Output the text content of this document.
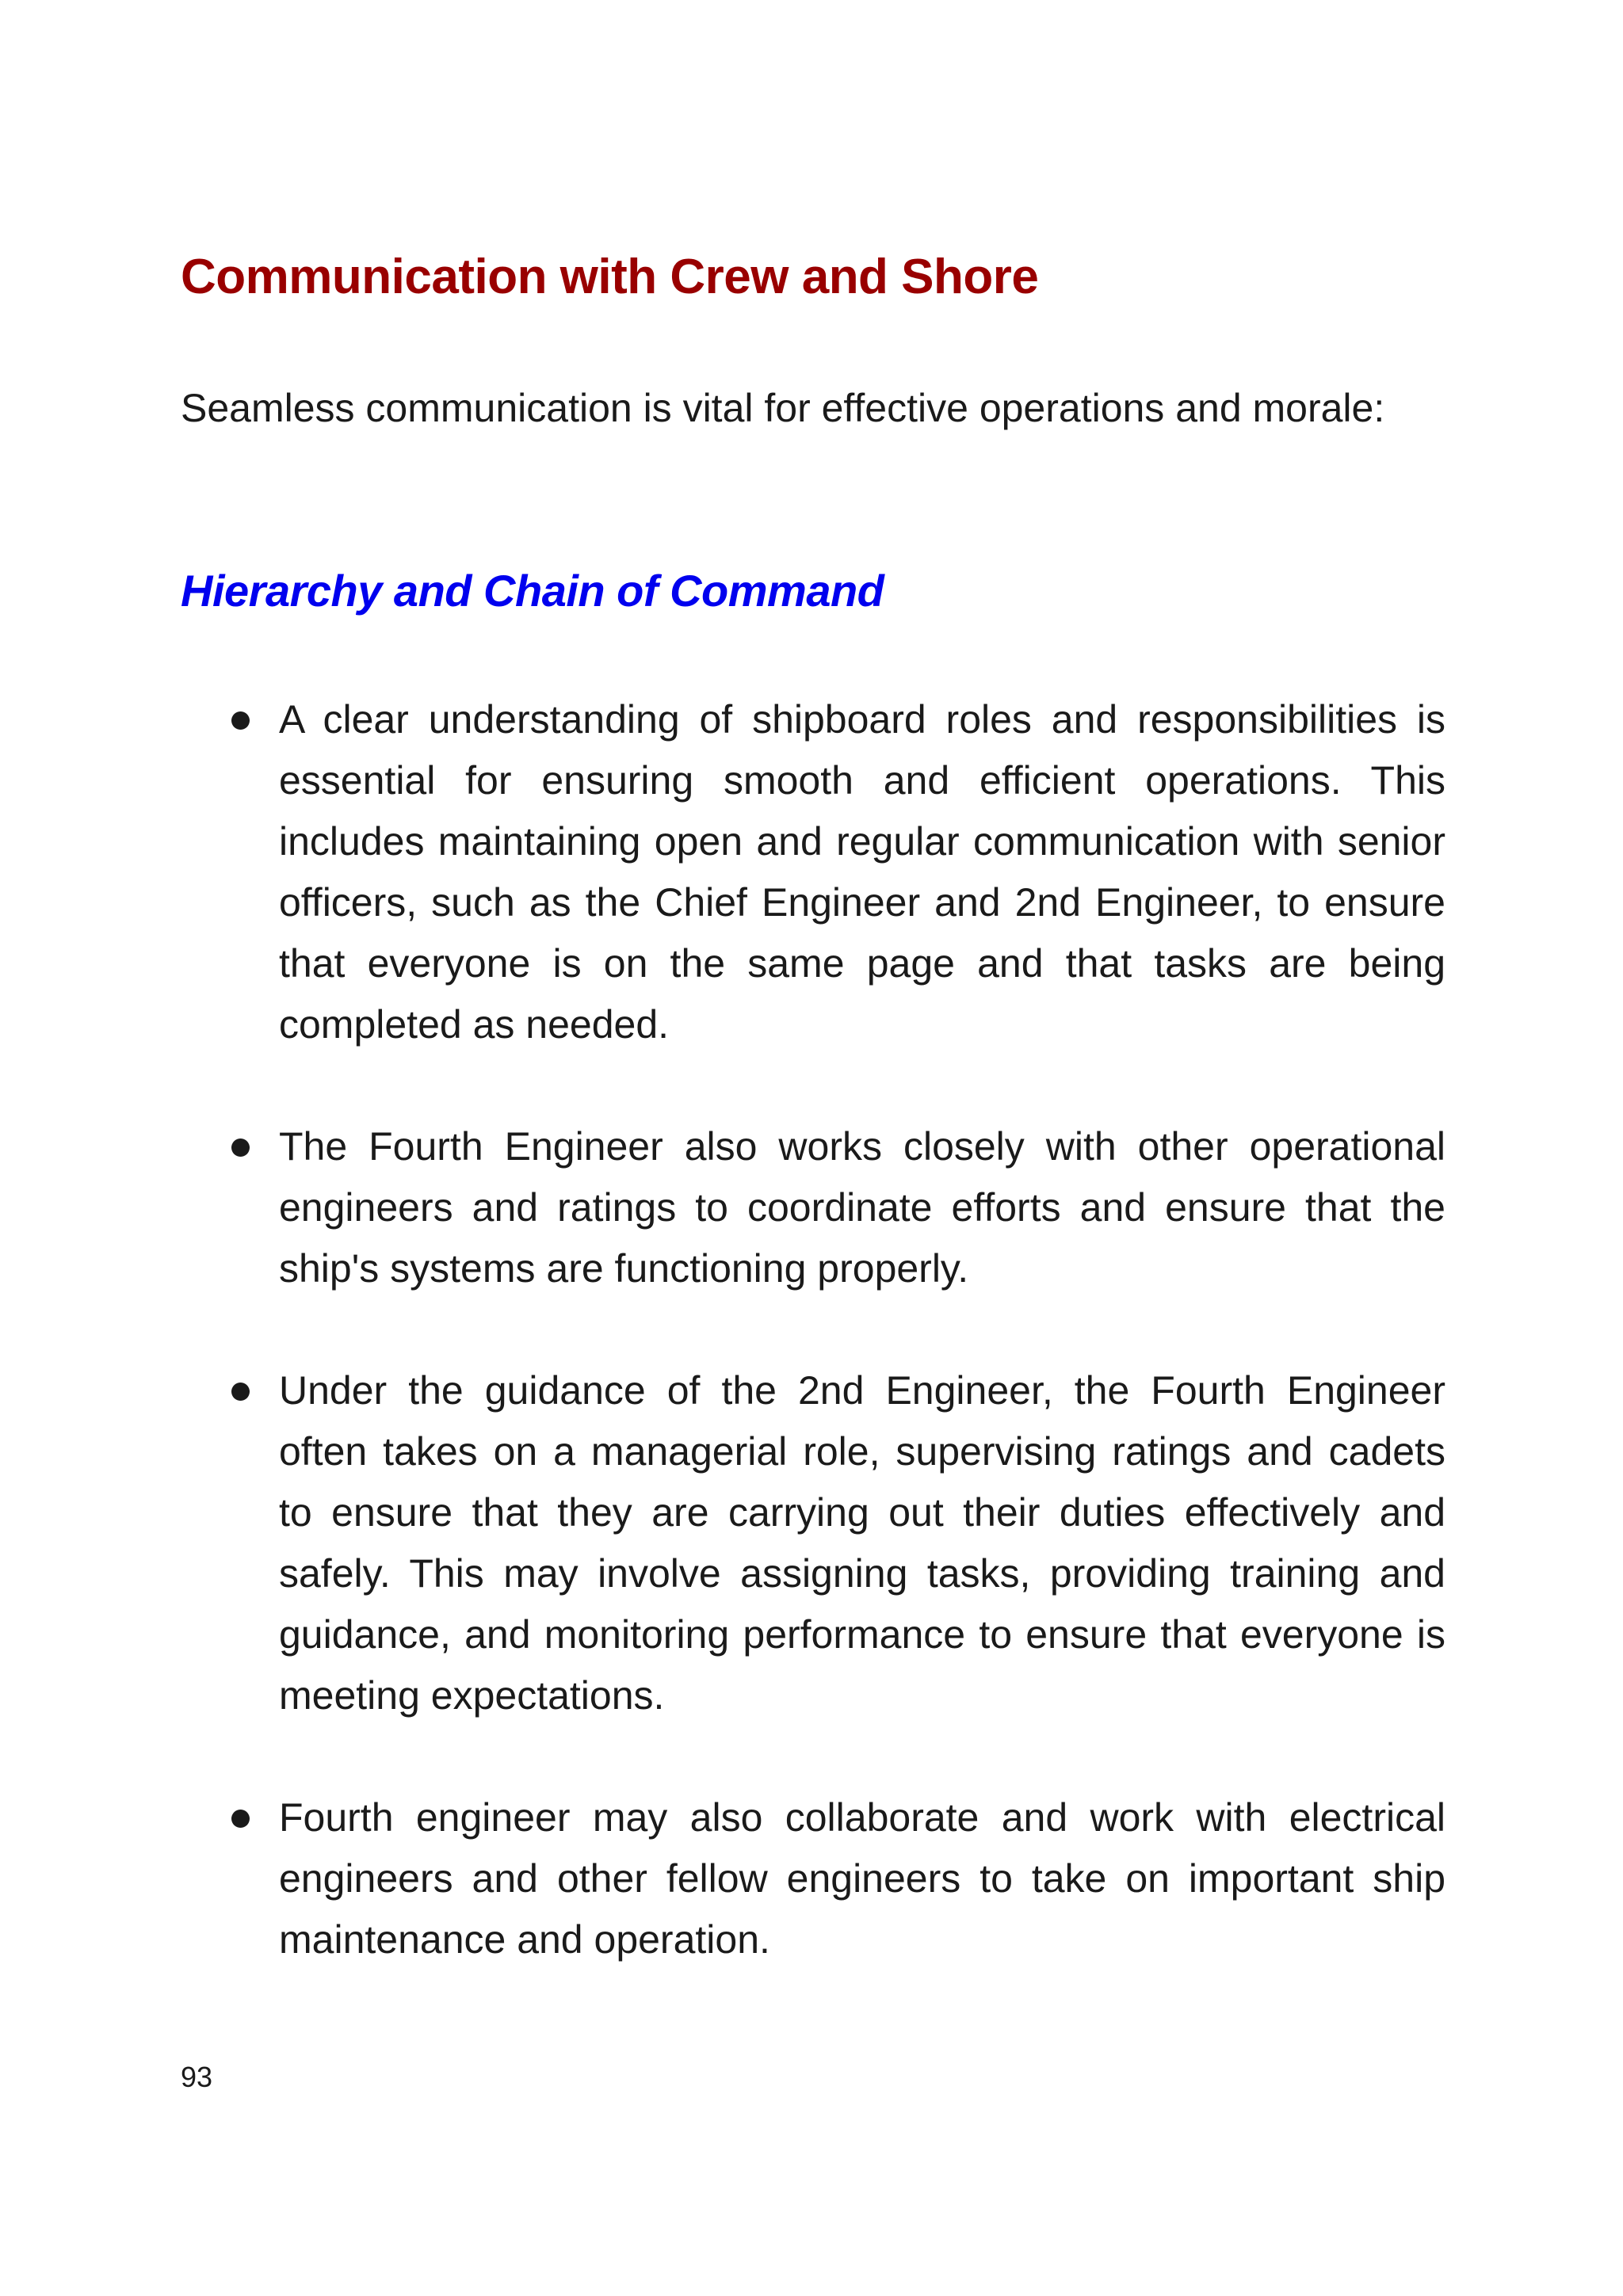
Communication with Crew and Shore

Seamless communication is vital for effective operations and morale:

Hierarchy and Chain of Command
A clear understanding of shipboard roles and responsibilities is essential for ensuring smooth and efficient operations. This includes maintaining open and regular communication with senior officers, such as the Chief Engineer and 2nd Engineer, to ensure that everyone is on the same page and that tasks are being completed as needed.
The Fourth Engineer also works closely with other operational engineers and ratings to coordinate efforts and ensure that the ship's systems are functioning properly.
Under the guidance of the 2nd Engineer, the Fourth Engineer often takes on a managerial role, supervising ratings and cadets to ensure that they are carrying out their duties effectively and safely. This may involve assigning tasks, providing training and guidance, and monitoring performance to ensure that everyone is meeting expectations.
Fourth engineer may also collaborate and work with electrical engineers and other fellow engineers to take on important ship maintenance and operation.
93
